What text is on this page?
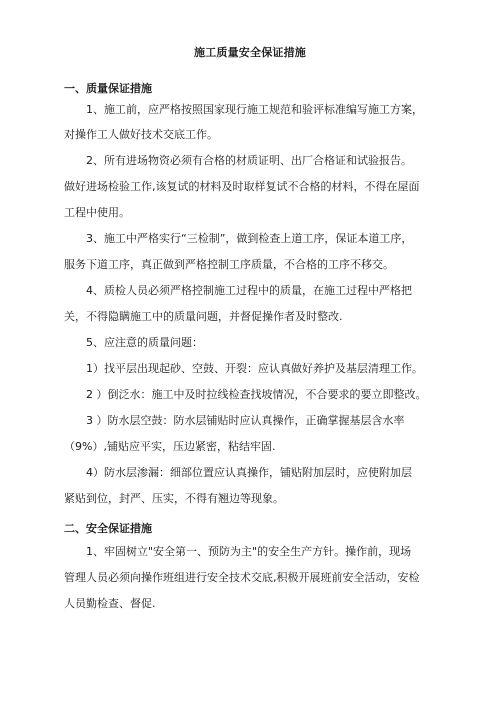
施工质量安全保证措施
一、质量保证措施
1、施工前，应严格按照国家现行施工规范和验评标准编写施工方案，
对操作工人做好技术交底工作。
2、所有进场物资必须有合格的材质证明、出厂合格证和试验报告。
做好进场检验工作,该复试的材料及时取样复试不合格的材料，不得在屋面
工程中使用。
3、施工中严格实行“三检制”，做到检查上道工序，保证本道工序，
服务下道工序，真正做到严格控制工序质量，不合格的工序不移交。
4、质检人员必须严格控制施工过程中的质量，在施工过程中严格把
关，不得隐瞒施工中的质量问题，并督促操作者及时整改.
5、应注意的质量问题：
1）找平层出现起砂、空鼓、开裂：应认真做好养护及基层清理工作。
2 ）倒泛水：施工中及时拉线检查找坡情况，不合要求的要立即整改。
3 ）防水层空鼓：防水层铺贴时应认真操作，正确掌握基层含水率
（9%）,铺贴应平实，压边紧密，粘结牢固.
4）防水层渗漏：细部位置应认真操作，铺贴附加层时，应使附加层
紧贴到位，封严、压实，不得有翘边等现象。
二、安全保证措施
1、牢固树立"安全第一、预防为主"的安全生产方针。操作前，现场
管理人员必须向操作班组进行安全技术交底,积极开展班前安全活动，安检
人员勤检查、督促.
